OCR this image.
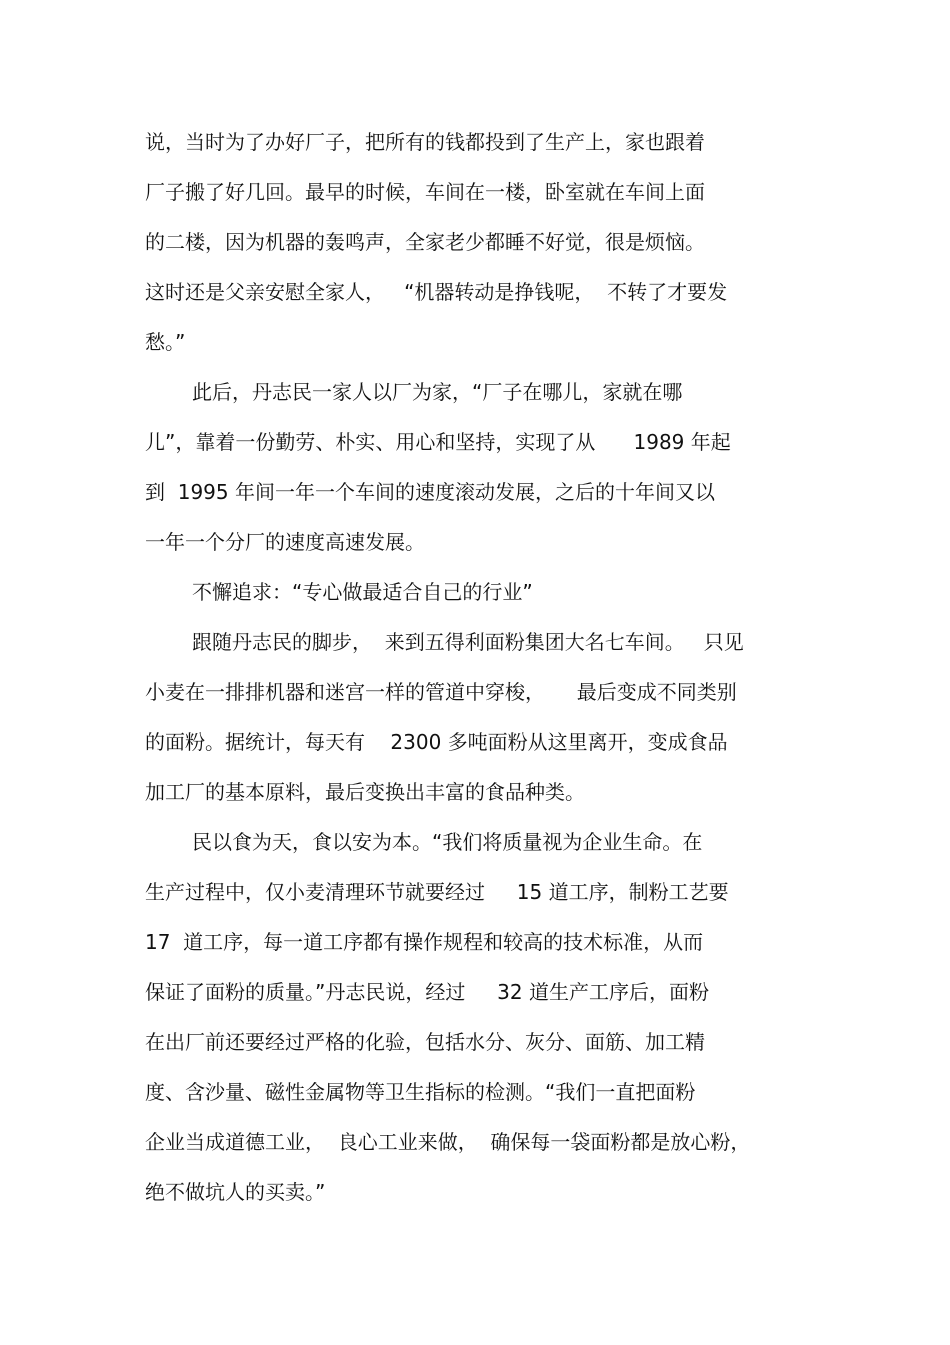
说，当时为了办好厂子，把所有的钱都投到了生产上，家也跟着
厂子搬了好几回。最早的时候，车间在一楼，卧室就在车间上面
的二楼，因为机器的轰鸣声，全家老少都睡不好觉，很是烦恼。
这时还是父亲安慰全家人，   “机器转动是挣钱呢，  不转了才要发
愁。”
此后，丹志民一家人以厂为家，“厂子在哪儿，家就在哪
儿”，靠着一份勤劳、朴实、用心和坚持，实现了从      1989 年起
到  1995 年间一年一个车间的速度滚动发展，之后的十年间又以
一年一个分厂的速度高速发展。
不懈追求：“专心做最适合自己的行业”
跟随丹志民的脚步，  来到五得利面粉集团大名七车间。   只见
小麦在一排排机器和迷宫一样的管道中穿梭，     最后变成不同类别
的面粉。据统计，每天有    2300 多吨面粉从这里离开，变成食品
加工厂的基本原料，最后变换出丰富的食品种类。
民以食为天，食以安为本。“我们将质量视为企业生命。在
生产过程中，仅小麦清理环节就要经过     15 道工序，制粉工艺要
17  道工序，每一道工序都有操作规程和较高的技术标准，从而
保证了面粉的质量。”丹志民说，经过     32 道生产工序后，面粉
在出厂前还要经过严格的化验，包括水分、灰分、面筋、加工精
度、含沙量、磁性金属物等卫生指标的检测。“我们一直把面粉
企业当成道德工业，  良心工业来做，  确保每一袋面粉都是放心粉，
绝不做坑人的买卖。”
